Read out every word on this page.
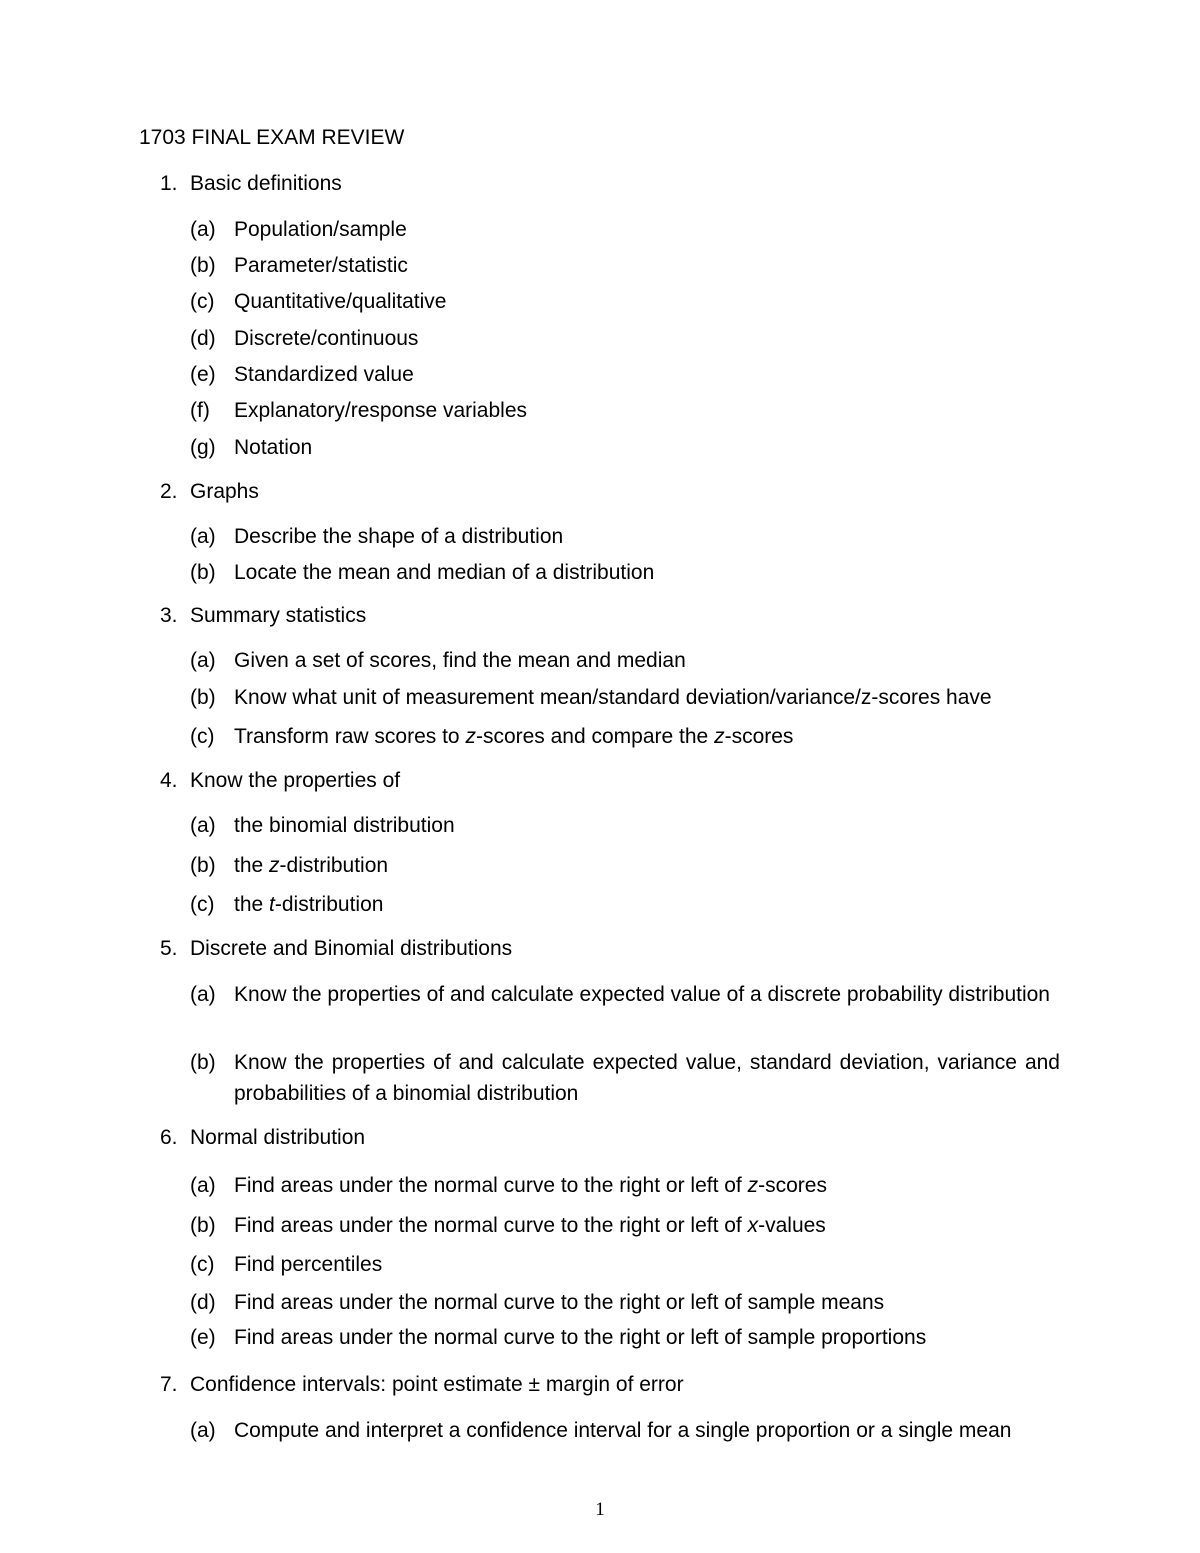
1703 FINAL EXAM REVIEW
1. Basic definitions
(a) Population/sample
(b) Parameter/statistic
(c) Quantitative/qualitative
(d) Discrete/continuous
(e) Standardized value
(f)	Explanatory/response variables
(g) Notation
2. Graphs
(a) Describe the shape of a distribution
(b) Locate the mean and median of a distribution
3. Summary statistics
(a) Given a set of scores, find the mean and median
(b) Know what unit of measurement mean/standard deviation/variance/z-scores have
(c) Transform raw scores to z-scores and compare the z-scores
4. Know the properties of
(a) the binomial distribution
(b) the z-distribution
(c) the t-distribution
5. Discrete and Binomial distributions
(a) Know the properties of and calculate expected value of a discrete probability distribution
(b) Know the properties of and calculate expected value, standard deviation, variance and probabilities of a binomial distribution
6. Normal distribution
(a) Find areas under the normal curve to the right or left of z-scores
(b) Find areas under the normal curve to the right or left of x-values
(c) Find percentiles
(d) Find areas under the normal curve to the right or left of sample means
(e) Find areas under the normal curve to the right or left of sample proportions
7. Confidence intervals: point estimate ± margin of error
(a) Compute and interpret a confidence interval for a single proportion or a single mean
1
